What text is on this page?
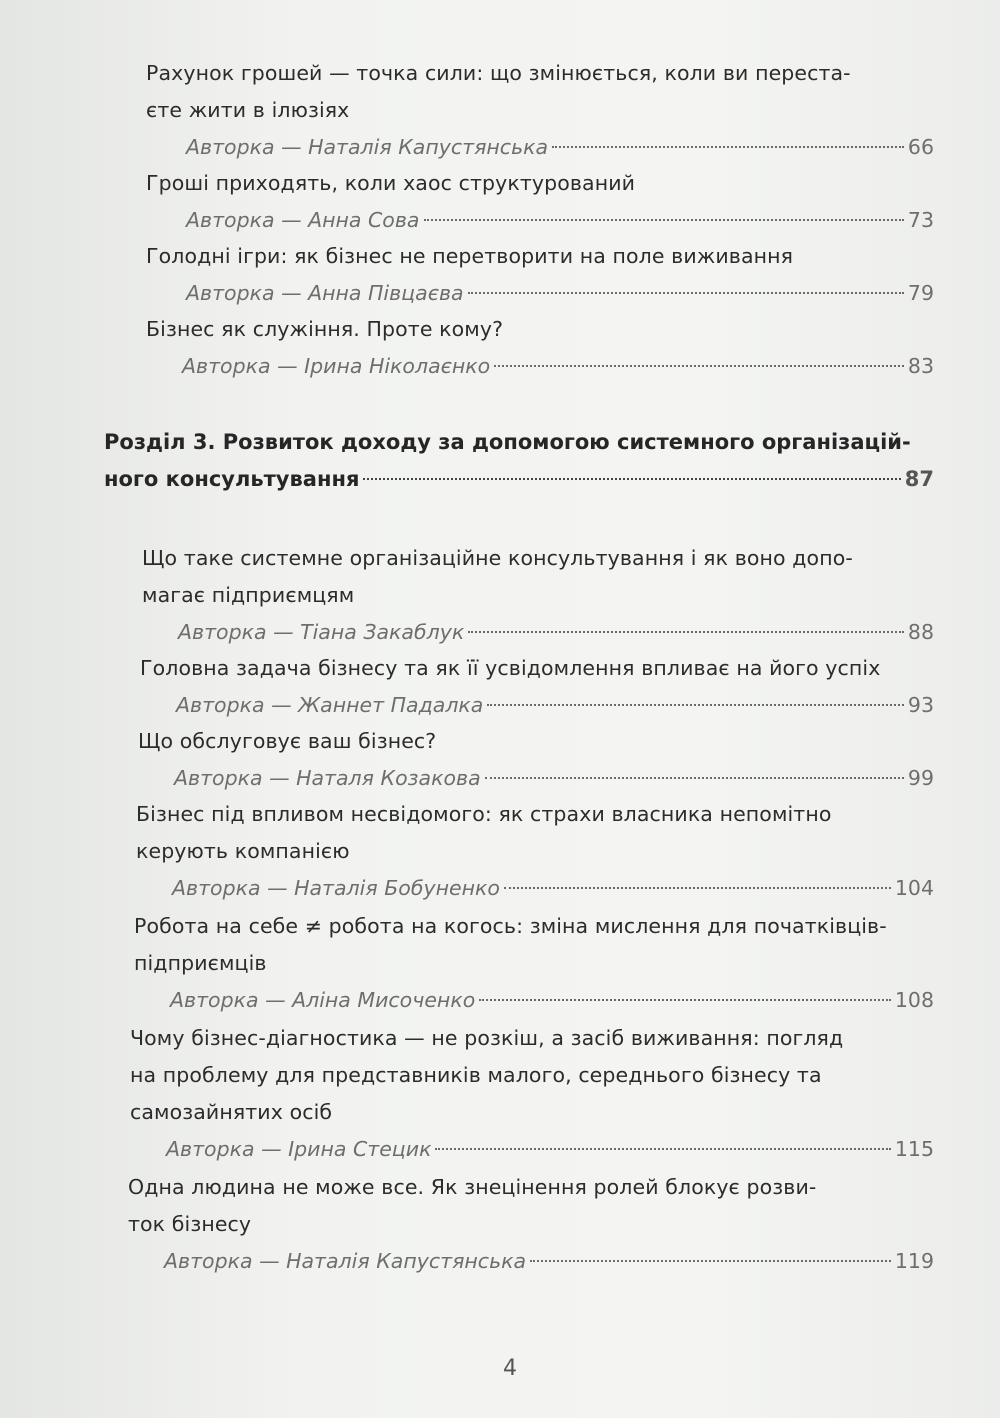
Рахунок грошей — точка сили: що змінюється, коли ви переста-
єте жити в ілюзіях
Авторка — Наталія Капустянська	66
Гроші приходять, коли хаос структурований
Авторка — Анна Сова	73
Голодні ігри: як бізнес не перетворити на поле виживання
Авторка — Анна Півцаєва	79
Бізнес як служіння. Проте кому?
Авторка — Ірина Ніколаєнко	83
Розділ 3. Розвиток доходу за допомогою системного організацій-
ного консультування	87
Що таке системне організаційне консультування і як воно допо-
магає підприємцям
Авторка — Тіана Закаблук	88
Головна задача бізнесу та як її усвідомлення впливає на його успіх
Авторка — Жаннет Падалка	93
Що обслуговує ваш бізнес?
Авторка — Наталя Козакова	99
Бізнес під впливом несвідомого: як страхи власника непомітно
керують компанією
Авторка — Наталія Бобуненко	104
Робота на себе ≠ робота на когось: зміна мислення для початківців-
підприємців
Авторка — Аліна Мисоченко	108
Чому бізнес-діагностика — не розкіш, а засіб виживання: погляд
на проблему для представників малого, середнього бізнесу та
самозайнятих осіб
Авторка — Ірина Стецик	115
Одна людина не може все. Як знецінення ролей блокує розви-
ток бізнесу
Авторка — Наталія Капустянська	119
4
